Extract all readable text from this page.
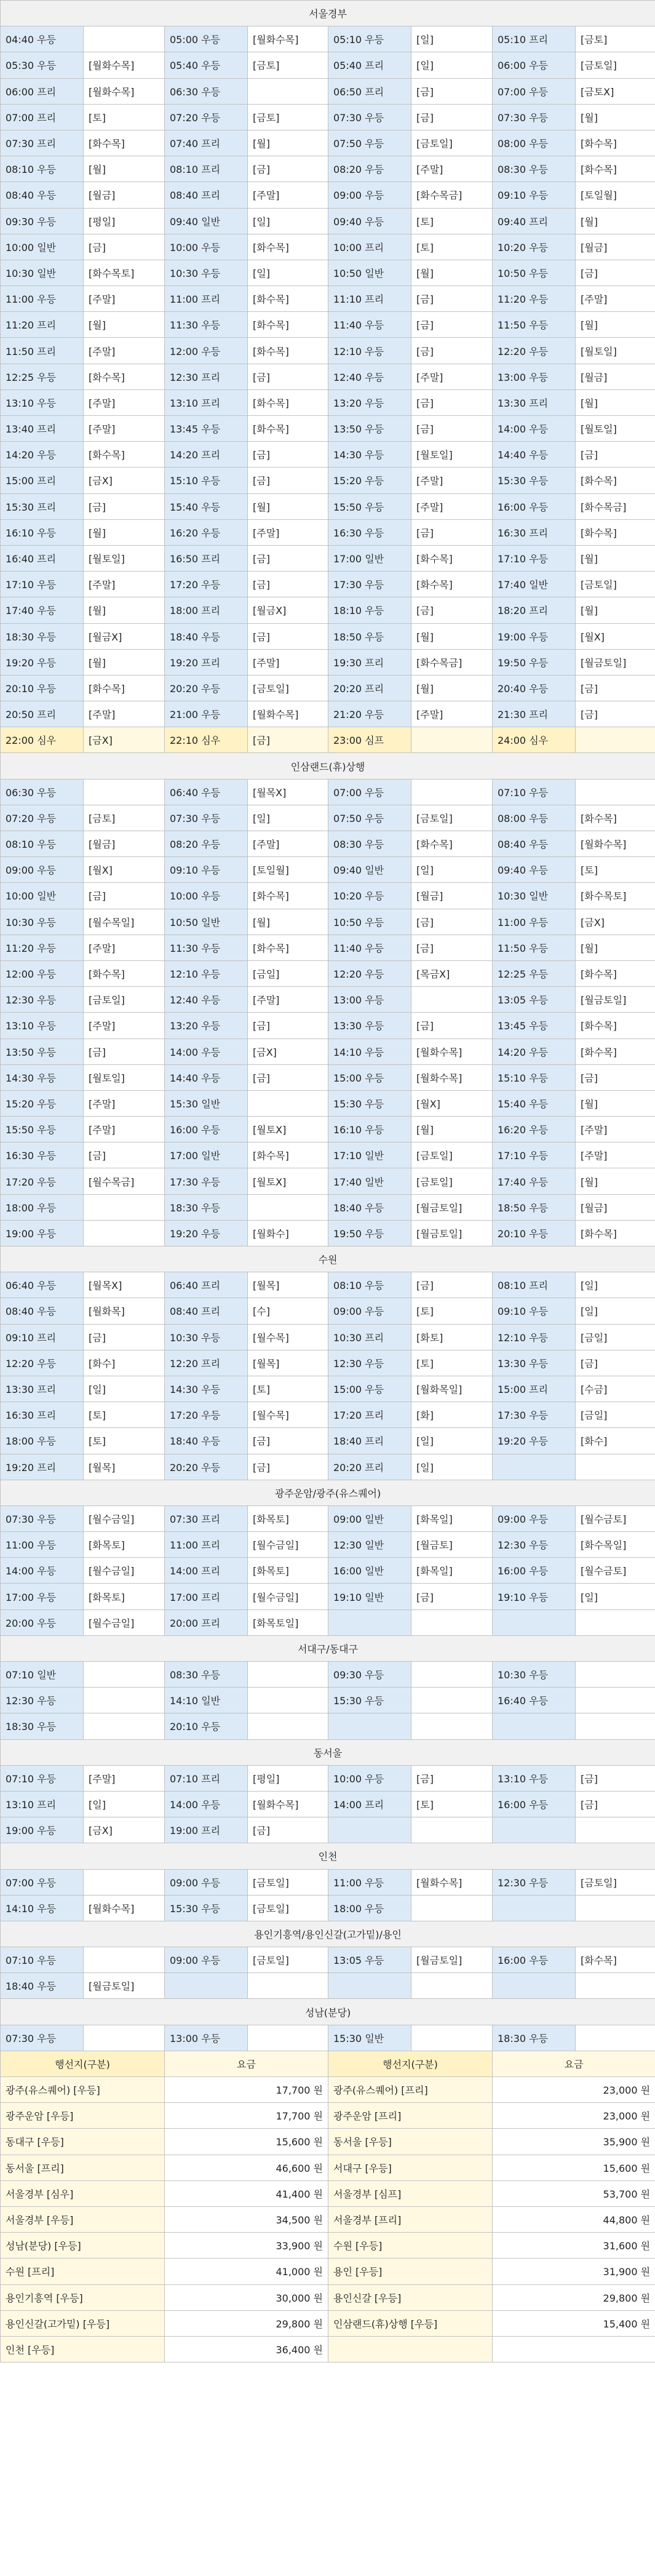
서울경부							
04:40 우등		05:00 우등	[월화수목]	05:10 우등	[일]	05:10 프리	[금토]
05:30 우등	[월화수목]	05:40 우등	[금토]	05:40 프리	[일]	06:00 우등	[금토일]
06:00 프리	[월화수목]	06:30 우등		06:50 프리	[금]	07:00 우등	[금토X]
07:00 프리	[토]	07:20 우등	[금토]	07:30 우등	[금]	07:30 우등	[월]
07:30 프리	[화수목]	07:40 프리	[월]	07:50 우등	[금토일]	08:00 우등	[화수목]
08:10 우등	[월]	08:10 프리	[금]	08:20 우등	[주말]	08:30 우등	[화수목]
08:40 우등	[월금]	08:40 프리	[주말]	09:00 우등	[화수목금]	09:10 우등	[토일월]
09:30 우등	[평일]	09:40 일반	[일]	09:40 우등	[토]	09:40 프리	[월]
10:00 일반	[금]	10:00 우등	[화수목]	10:00 프리	[토]	10:20 우등	[월금]
10:30 일반	[화수목토]	10:30 우등	[일]	10:50 일반	[월]	10:50 우등	[금]
11:00 우등	[주말]	11:00 프리	[화수목]	11:10 프리	[금]	11:20 우등	[주말]
11:20 프리	[월]	11:30 우등	[화수목]	11:40 우등	[금]	11:50 우등	[월]
11:50 프리	[주말]	12:00 우등	[화수목]	12:10 우등	[금]	12:20 우등	[월토일]
12:25 우등	[화수목]	12:30 프리	[금]	12:40 우등	[주말]	13:00 우등	[월금]
13:10 우등	[주말]	13:10 프리	[화수목]	13:20 우등	[금]	13:30 프리	[월]
13:40 프리	[주말]	13:45 우등	[화수목]	13:50 우등	[금]	14:00 우등	[월토일]
14:20 우등	[화수목]	14:20 프리	[금]	14:30 우등	[월토일]	14:40 우등	[금]
15:00 프리	[금X]	15:10 우등	[금]	15:20 우등	[주말]	15:30 우등	[화수목]
15:30 프리	[금]	15:40 우등	[월]	15:50 우등	[주말]	16:00 우등	[화수목금]
16:10 우등	[월]	16:20 우등	[주말]	16:30 우등	[금]	16:30 프리	[화수목]
16:40 프리	[월토일]	16:50 프리	[금]	17:00 일반	[화수목]	17:10 우등	[월]
17:10 우등	[주말]	17:20 우등	[금]	17:30 우등	[화수목]	17:40 일반	[금토일]
17:40 우등	[월]	18:00 프리	[월금X]	18:10 우등	[금]	18:20 프리	[월]
18:30 우등	[월금X]	18:40 우등	[금]	18:50 우등	[월]	19:00 우등	[월X]
19:20 우등	[월]	19:20 프리	[주말]	19:30 프리	[화수목금]	19:50 우등	[월금토일]
20:10 우등	[화수목]	20:20 우등	[금토일]	20:20 프리	[월]	20:40 우등	[금]
20:50 프리	[주말]	21:00 우등	[월화수목]	21:20 우등	[주말]	21:30 프리	[금]
22:00 심우	[금X]	22:10 심우	[금]	23:00 심프		24:00 심우	
인삼랜드(휴)상행							
06:30 우등		06:40 우등	[월목X]	07:00 우등		07:10 우등	
07:20 우등	[금토]	07:30 우등	[일]	07:50 우등	[금토일]	08:00 우등	[화수목]
08:10 우등	[월금]	08:20 우등	[주말]	08:30 우등	[화수목]	08:40 우등	[월화수목]
09:00 우등	[월X]	09:10 우등	[토일월]	09:40 일반	[일]	09:40 우등	[토]
10:00 일반	[금]	10:00 우등	[화수목]	10:20 우등	[월금]	10:30 일반	[화수목토]
10:30 우등	[월수목일]	10:50 일반	[월]	10:50 우등	[금]	11:00 우등	[금X]
11:20 우등	[주말]	11:30 우등	[화수목]	11:40 우등	[금]	11:50 우등	[월]
12:00 우등	[화수목]	12:10 우등	[금일]	12:20 우등	[목금X]	12:25 우등	[화수목]
12:30 우등	[금토일]	12:40 우등	[주말]	13:00 우등		13:05 우등	[월금토일]
13:10 우등	[주말]	13:20 우등	[금]	13:30 우등	[금]	13:45 우등	[화수목]
13:50 우등	[금]	14:00 우등	[금X]	14:10 우등	[월화수목]	14:20 우등	[화수목]
14:30 우등	[월토일]	14:40 우등	[금]	15:00 우등	[월화수목]	15:10 우등	[금]
15:20 우등	[주말]	15:30 일반		15:30 우등	[월X]	15:40 우등	[월]
15:50 우등	[주말]	16:00 우등	[월토X]	16:10 우등	[월]	16:20 우등	[주말]
16:30 우등	[금]	17:00 일반	[화수목]	17:10 일반	[금토일]	17:10 우등	[주말]
17:20 우등	[월수목금]	17:30 우등	[월토X]	17:40 일반	[금토일]	17:40 우등	[월]
18:00 우등		18:30 우등		18:40 우등	[월금토일]	18:50 우등	[월금]
19:00 우등		19:20 우등	[월화수]	19:50 우등	[월금토일]	20:10 우등	[화수목]
수원							
06:40 우등	[월목X]	06:40 프리	[월목]	08:10 우등	[금]	08:10 프리	[일]
08:40 우등	[월화목]	08:40 프리	[수]	09:00 우등	[토]	09:10 우등	[일]
09:10 프리	[금]	10:30 우등	[월수목]	10:30 프리	[화토]	12:10 우등	[금일]
12:20 우등	[화수]	12:20 프리	[월목]	12:30 우등	[토]	13:30 우등	[금]
13:30 프리	[일]	14:30 우등	[토]	15:00 우등	[월화목일]	15:00 프리	[수금]
16:30 프리	[토]	17:20 우등	[월수목]	17:20 프리	[화]	17:30 우등	[금일]
18:00 우등	[토]	18:40 우등	[금]	18:40 프리	[일]	19:20 우등	[화수]
19:20 프리	[월목]	20:20 우등	[금]	20:20 프리	[일]		
광주운암/광주(유스퀘어)							
07:30 우등	[월수금일]	07:30 프리	[화목토]	09:00 일반	[화목일]	09:00 우등	[월수금토]
11:00 우등	[화목토]	11:00 프리	[월수금일]	12:30 일반	[월금토]	12:30 우등	[화수목일]
14:00 우등	[월수금일]	14:00 프리	[화목토]	16:00 일반	[화목일]	16:00 우등	[월수금토]
17:00 우등	[화목토]	17:00 프리	[월수금일]	19:10 일반	[금]	19:10 우등	[일]
20:00 우등	[월수금일]	20:00 프리	[화목토일]				
서대구/동대구							
07:10 일반		08:30 우등		09:30 우등		10:30 우등	
12:30 우등		14:10 일반		15:30 우등		16:40 우등	
18:30 우등		20:10 우등					
동서울							
07:10 우등	[주말]	07:10 프리	[평일]	10:00 우등	[금]	13:10 우등	[금]
13:10 프리	[일]	14:00 우등	[월화수목]	14:00 프리	[토]	16:00 우등	[금]
19:00 우등	[금X]	19:00 프리	[금]				
인천							
07:00 우등		09:00 우등	[금토일]	11:00 우등	[월화수목]	12:30 우등	[금토일]
14:10 우등	[월화수목]	15:30 우등	[금토일]	18:00 우등			
용인기흥역/용인신갈(고가밑)/용인							
07:10 우등		09:00 우등	[금토일]	13:05 우등	[월금토일]	16:00 우등	[화수목]
18:40 우등	[월금토일]						
성남(분당)							
07:30 우등		13:00 우등		15:30 일반		18:30 우등	
행선지(구분)		요금		행선지(구분)		요금	
광주(유스퀘어) [우등]		17,700 원		광주(유스퀘어) [프리]		23,000 원	
광주운암 [우등]		17,700 원		광주운암 [프리]		23,000 원	
동대구 [우등]		15,600 원		동서울 [우등]		35,900 원	
동서울 [프리]		46,600 원		서대구 [우등]		15,600 원	
서울경부 [심우]		41,400 원		서울경부 [심프]		53,700 원	
서울경부 [우등]		34,500 원		서울경부 [프리]		44,800 원	
성남(분당) [우등]		33,900 원		수원 [우등]		31,600 원	
수원 [프리]		41,000 원		용인 [우등]		31,900 원	
용인기흥역 [우등]		30,000 원		용인신갈 [우등]		29,800 원	
용인신갈(고가밑) [우등]		29,800 원		인삼랜드(휴)상행 [우등]		15,400 원	
인천 [우등]		36,400 원					
